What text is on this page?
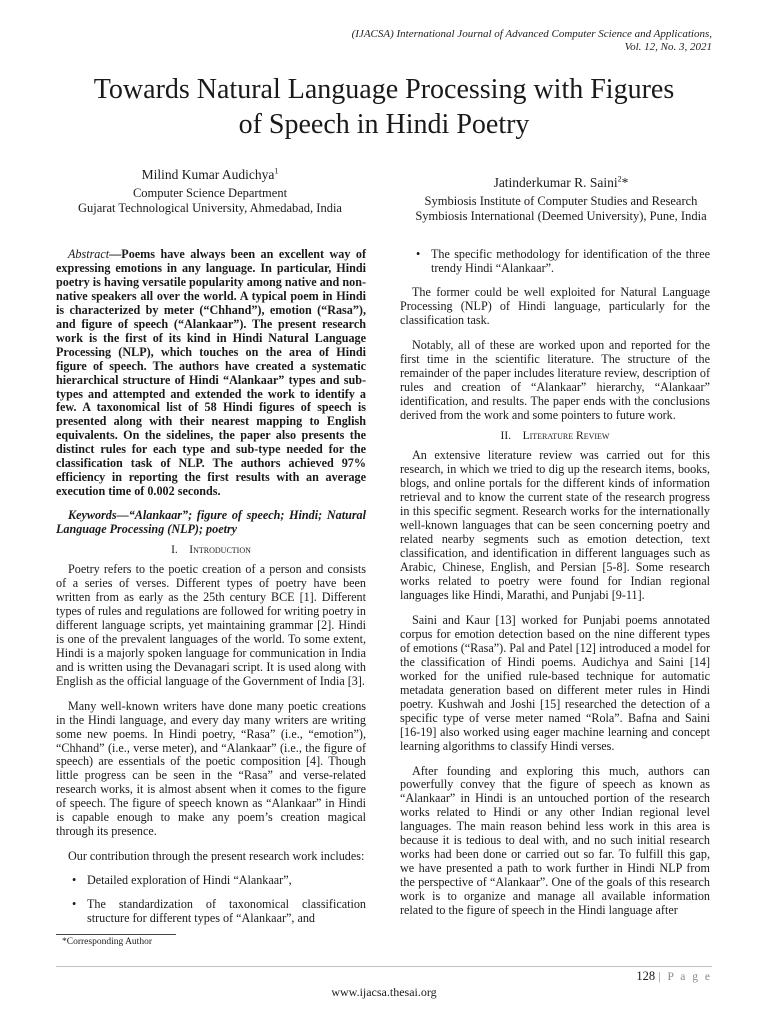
(IJACSA) International Journal of Advanced Computer Science and Applications,
Vol. 12, No. 3, 2021
Towards Natural Language Processing with Figures
of Speech in Hindi Poetry
Milind Kumar Audichya$^1$
Computer Science Department
Gujarat Technological University, Ahmedabad, India
Jatinderkumar R. Saini$^2$*
Symbiosis Institute of Computer Studies and Research
Symbiosis International (Deemed University), Pune, India

Abstract—Poems have always been an excellent way of expressing emotions in any language. In particular, Hindi poetry is having versatile popularity among native and non-native speakers all over the world. A typical poem in Hindi is characterized by meter (“Chhand”), emotion (“Rasa”), and figure of speech (“Alankaar”). The present research work is the first of its kind in Hindi Natural Language Processing (NLP), which touches on the area of Hindi figure of speech. The authors have created a systematic hierarchical structure of Hindi “Alankaar” types and sub-types and attempted and extended the work to identify a few. A taxonomical list of 58 Hindi figures of speech is presented along with their nearest mapping to English equivalents. On the sidelines, the paper also presents the distinct rules for each type and sub-type needed for the classification task of NLP. The authors achieved 97% efficiency in reporting the first results with an average execution time of 0.002 seconds.

Keywords—“Alankaar”; figure of speech; Hindi; Natural Language Processing (NLP); poetry

I. Introduction

Poetry refers to the poetic creation of a person and consists of a series of verses. Different types of poetry have been written from as early as the 25th century BCE [1]. Different types of rules and regulations are followed for writing poetry in different language scripts, yet maintaining grammar [2]. Hindi is one of the prevalent languages of the world. To some extent, Hindi is a majorly spoken language for communication in India and is written using the Devanagari script. It is used along with English as the official language of the Government of India [3].

Many well-known writers have done many poetic creations in the Hindi language, and every day many writers are writing some new poems. In Hindi poetry, “Rasa” (i.e., “emotion”), “Chhand” (i.e., verse meter), and “Alankaar” (i.e., the figure of speech) are essentials of the poetic composition [4]. Though little progress can be seen in the “Rasa” and verse-related research works, it is almost absent when it comes to the figure of speech. The figure of speech known as “Alankaar” in Hindi is capable enough to make any poem’s creation magical through its presence.

Our contribution through the present research work includes:

• Detailed exploration of Hindi “Alankaar”,
• The standardization of taxonomical classification structure for different types of “Alankaar”, and
• The specific methodology for identification of the three trendy Hindi “Alankaar”.

The former could be well exploited for Natural Language Processing (NLP) of Hindi language, particularly for the classification task.

Notably, all of these are worked upon and reported for the first time in the scientific literature. The structure of the remainder of the paper includes literature review, description of rules and creation of “Alankaar” hierarchy, “Alankaar” identification, and results. The paper ends with the conclusions derived from the work and some pointers to future work.

II. Literature Review

An extensive literature review was carried out for this research, in which we tried to dig up the research items, books, blogs, and online portals for the different kinds of information retrieval and to know the current state of the research progress in this specific segment. Research works for the internationally well-known languages that can be seen concerning poetry and related nearby segments such as emotion detection, text classification, and identification in different languages such as Arabic, Chinese, English, and Persian [5-8]. Some research works related to poetry were found for Indian regional languages like Hindi, Marathi, and Punjabi [9-11].

Saini and Kaur [13] worked for Punjabi poems annotated corpus for emotion detection based on the nine different types of emotions (“Rasa”). Pal and Patel [12] introduced a model for the classification of Hindi poems. Audichya and Saini [14] worked for the unified rule-based technique for automatic metadata generation based on different meter rules in Hindi poetry. Kushwah and Joshi [15] researched the detection of a specific type of verse meter named “Rola”. Bafna and Saini [16-19] also worked using eager machine learning and concept learning algorithms to classify Hindi verses.

After founding and exploring this much, authors can powerfully convey that the figure of speech as known as “Alankaar” in Hindi is an untouched portion of the research works related to Hindi or any other Indian regional level languages. The main reason behind less work in this area is because it is tedious to deal with, and no such initial research works had been done or carried out so far. To fulfill this gap, we have presented a path to work further in Hindi NLP from the perspective of “Alankaar”. One of the goals of this research work is to organize and manage all available information related to the figure of speech in the Hindi language after

*Corresponding Author
128 | P a g e
www.ijacsa.thesai.org
